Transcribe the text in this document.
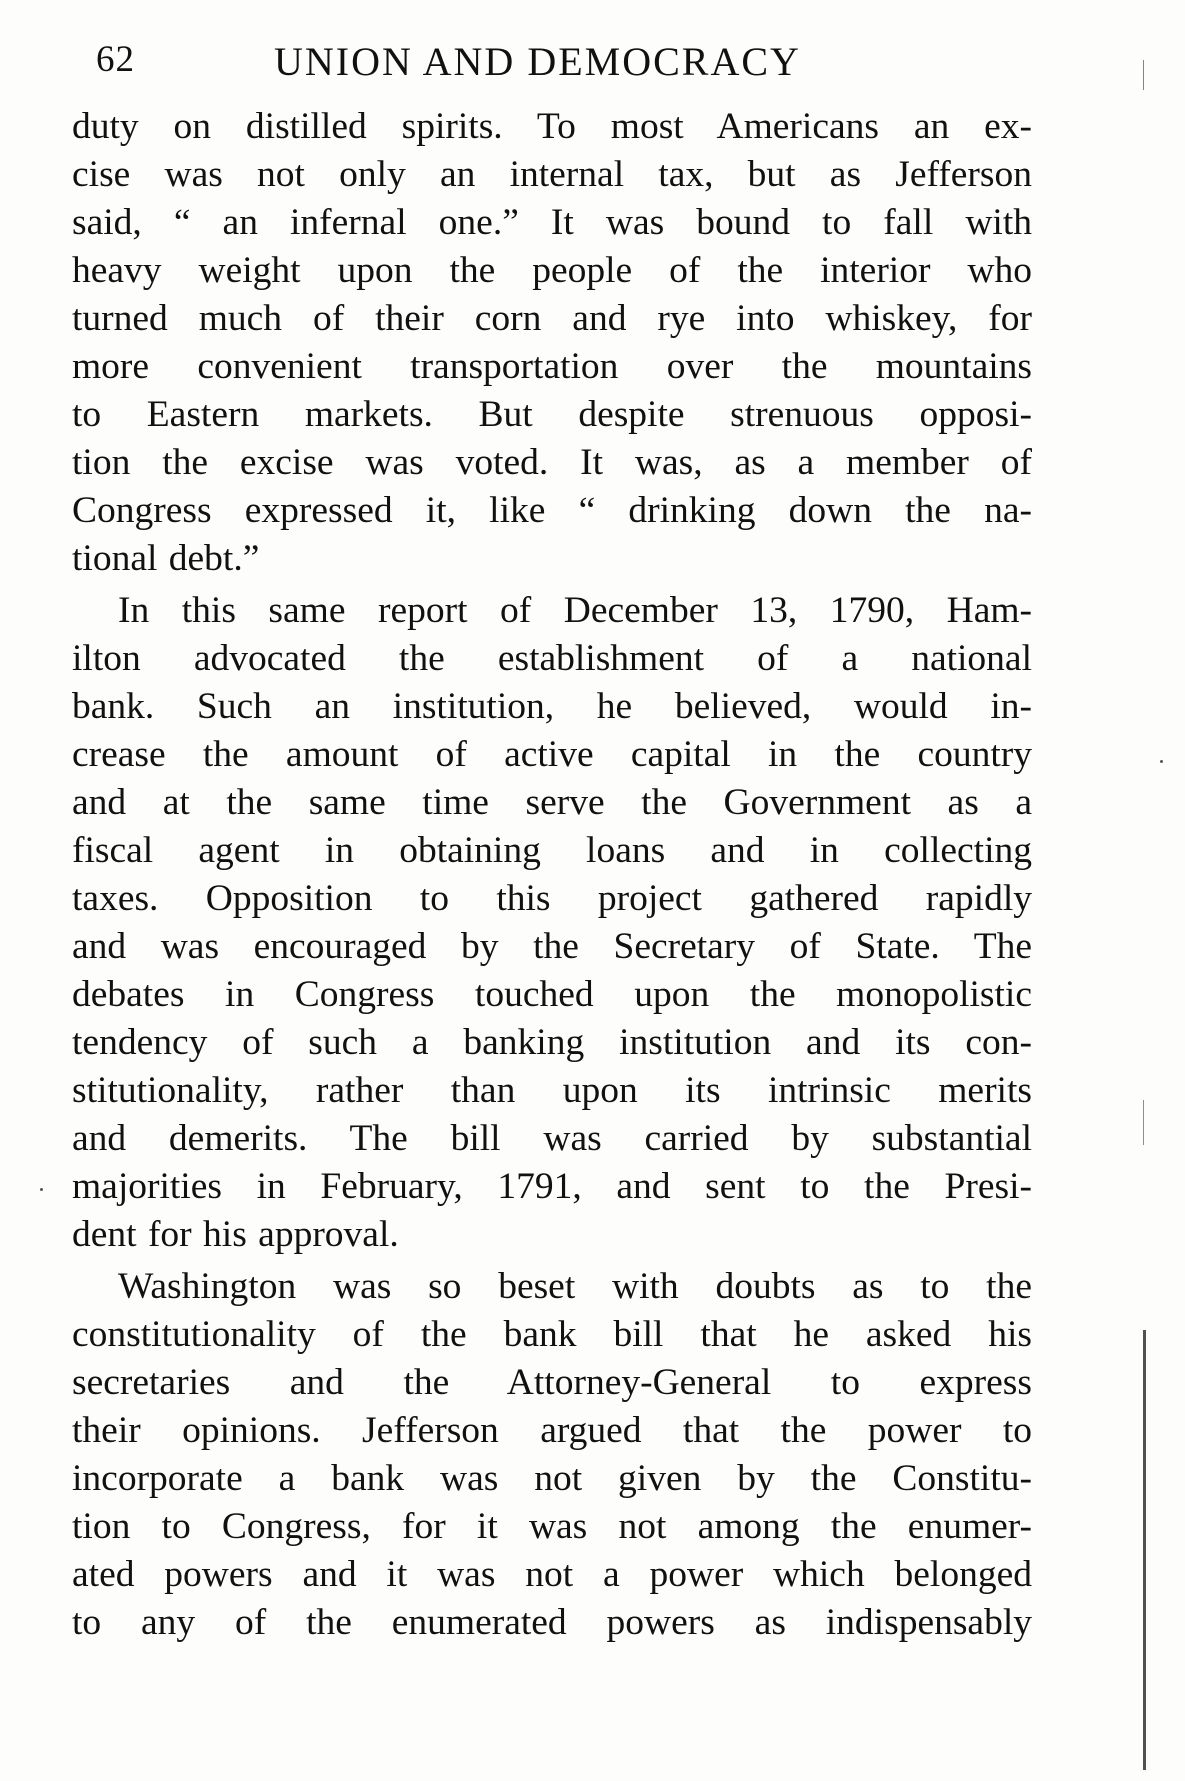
62	UNION AND DEMOCRACY
duty on distilled spirits. To most Americans an ex-
cise was not only an internal tax, but as Jefferson
said, “ an infernal one.” It was bound to fall with
heavy weight upon the people of the interior who
turned much of their corn and rye into whiskey, for
more convenient transportation over the mountains
to Eastern markets. But despite strenuous opposi-
tion the excise was voted. It was, as a member of
Congress expressed it, like “ drinking down the na-
tional debt.”
In this same report of December 13, 1790, Ham-
ilton advocated the establishment of a national
bank. Such an institution, he believed, would in-
crease the amount of active capital in the country
and at the same time serve the Government as a
fiscal agent in obtaining loans and in collecting
taxes. Opposition to this project gathered rapidly
and was encouraged by the Secretary of State. The
debates in Congress touched upon the monopolistic
tendency of such a banking institution and its con-
stitutionality, rather than upon its intrinsic merits
and demerits. The bill was carried by substantial
majorities in February, 1791, and sent to the Presi-
dent for his approval.
Washington was so beset with doubts as to the
constitutionality of the bank bill that he asked his
secretaries and the Attorney-General to express
their opinions. Jefferson argued that the power to
incorporate a bank was not given by the Constitu-
tion to Congress, for it was not among the enumer-
ated powers and it was not a power which belonged
to any of the enumerated powers as indispensably
